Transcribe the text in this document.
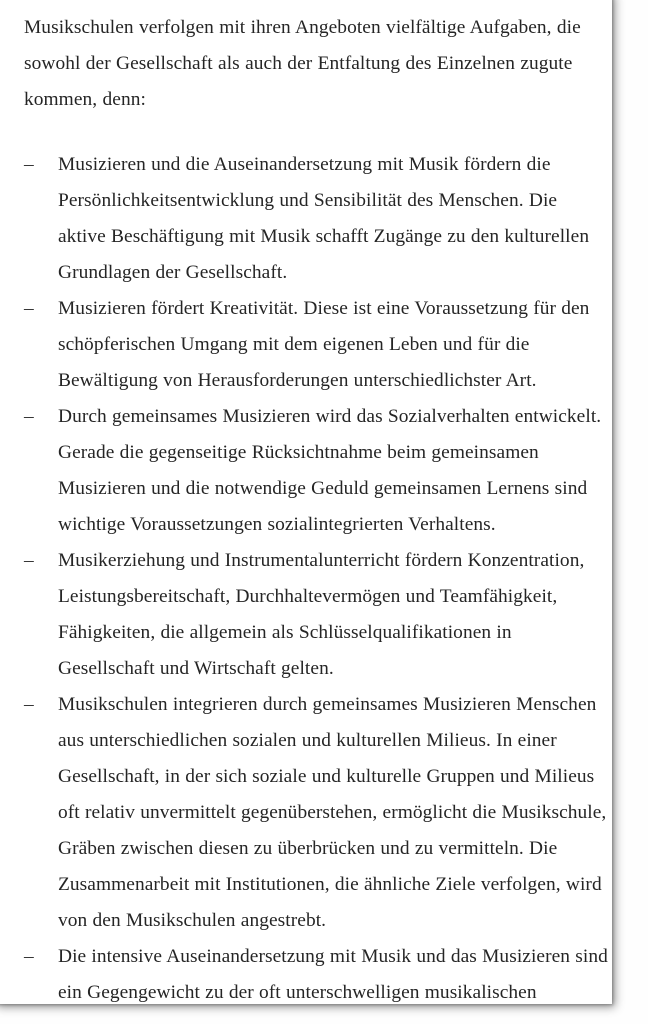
Musikschulen verfolgen mit ihren Angeboten vielfältige Aufgaben, die sowohl der Gesellschaft als auch der Entfaltung des Einzelnen zugute kommen, denn:

–	Musizieren und die Auseinandersetzung mit Musik fördern die Persönlichkeitsentwicklung und Sensibilität des Menschen. Die aktive Beschäftigung mit Musik schafft Zugänge zu den kulturellen Grundlagen der Gesellschaft.
–	Musizieren fördert Kreativität. Diese ist eine Voraussetzung für den schöpferischen Umgang mit dem eigenen Leben und für die Bewältigung von Herausforderungen unterschiedlichster Art.
–	Durch gemeinsames Musizieren wird das Sozialverhalten entwickelt. Gerade die gegenseitige Rücksichtnahme beim gemeinsamen Musizieren und die notwendige Geduld gemeinsamen Lernens sind wichtige Voraussetzungen sozialintegrierten Verhaltens.
–	Musikerziehung und Instrumentalunterricht fördern Konzentration, Leistungsbereitschaft, Durchhaltevermögen und Teamfähigkeit, Fähigkeiten, die allgemein als Schlüsselqualifikationen in Gesellschaft und Wirtschaft gelten.
–	Musikschulen integrieren durch gemeinsames Musizieren Menschen aus unterschiedlichen sozialen und kulturellen Milieus. In einer Gesellschaft, in der sich soziale und kulturelle Gruppen und Milieus oft relativ unvermittelt gegenüberstehen, ermöglicht die Musikschule, Gräben zwischen diesen zu überbrücken und zu vermitteln. Die Zusammenarbeit mit Institutionen, die ähnliche Ziele verfolgen, wird von den Musikschulen angestrebt.
–	Die intensive Auseinandersetzung mit Musik und das Musizieren sind ein Gegengewicht zu der oft unterschwelligen musikalischen
